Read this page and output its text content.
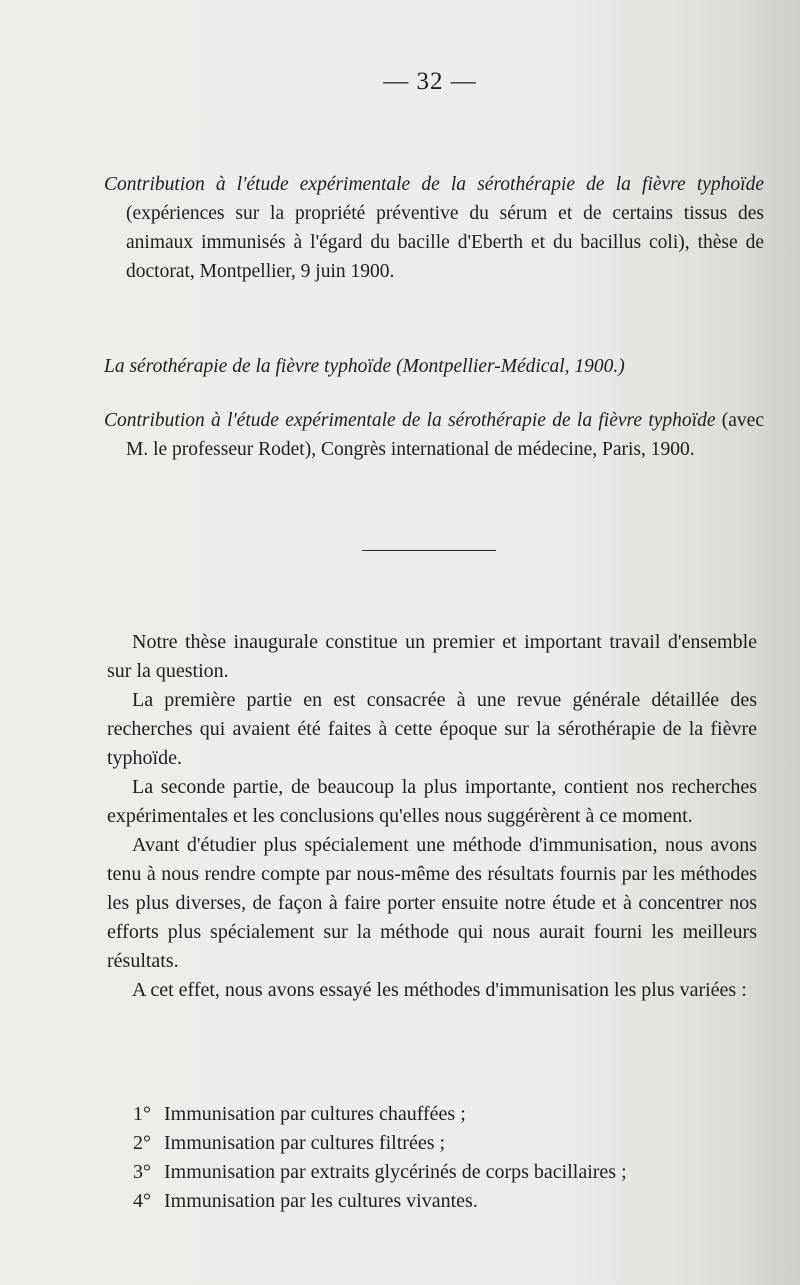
— 32 —
Contribution à l'étude expérimentale de la sérothérapie de la fièvre typhoïde (expériences sur la propriété préventive du sérum et de certains tissus des animaux immunisés à l'égard du bacille d'Eberth et du bacillus coli), thèse de doctorat, Montpellier, 9 juin 1900.
La sérothérapie de la fièvre typhoïde (Montpellier-Médical, 1900.)
Contribution à l'étude expérimentale de la sérothérapie de la fièvre typhoïde (avec M. le professeur Rodet), Congrès international de médecine, Paris, 1900.

Notre thèse inaugurale constitue un premier et important travail d'ensemble sur la question.

La première partie en est consacrée à une revue générale détaillée des recherches qui avaient été faites à cette époque sur la sérothérapie de la fièvre typhoïde.

La seconde partie, de beaucoup la plus importante, contient nos recherches expérimentales et les conclusions qu'elles nous suggérèrent à ce moment.

Avant d'étudier plus spécialement une méthode d'immunisation, nous avons tenu à nous rendre compte par nous-même des résultats fournis par les méthodes les plus diverses, de façon à faire porter ensuite notre étude et à concentrer nos efforts plus spécialement sur la méthode qui nous aurait fourni les meilleurs résultats.

A cet effet, nous avons essayé les méthodes d'immunisation les plus variées :

1° Immunisation par cultures chauffées ;
2° Immunisation par cultures filtrées ;
3° Immunisation par extraits glycérinés de corps bacillaires ;
4° Immunisation par les cultures vivantes.
